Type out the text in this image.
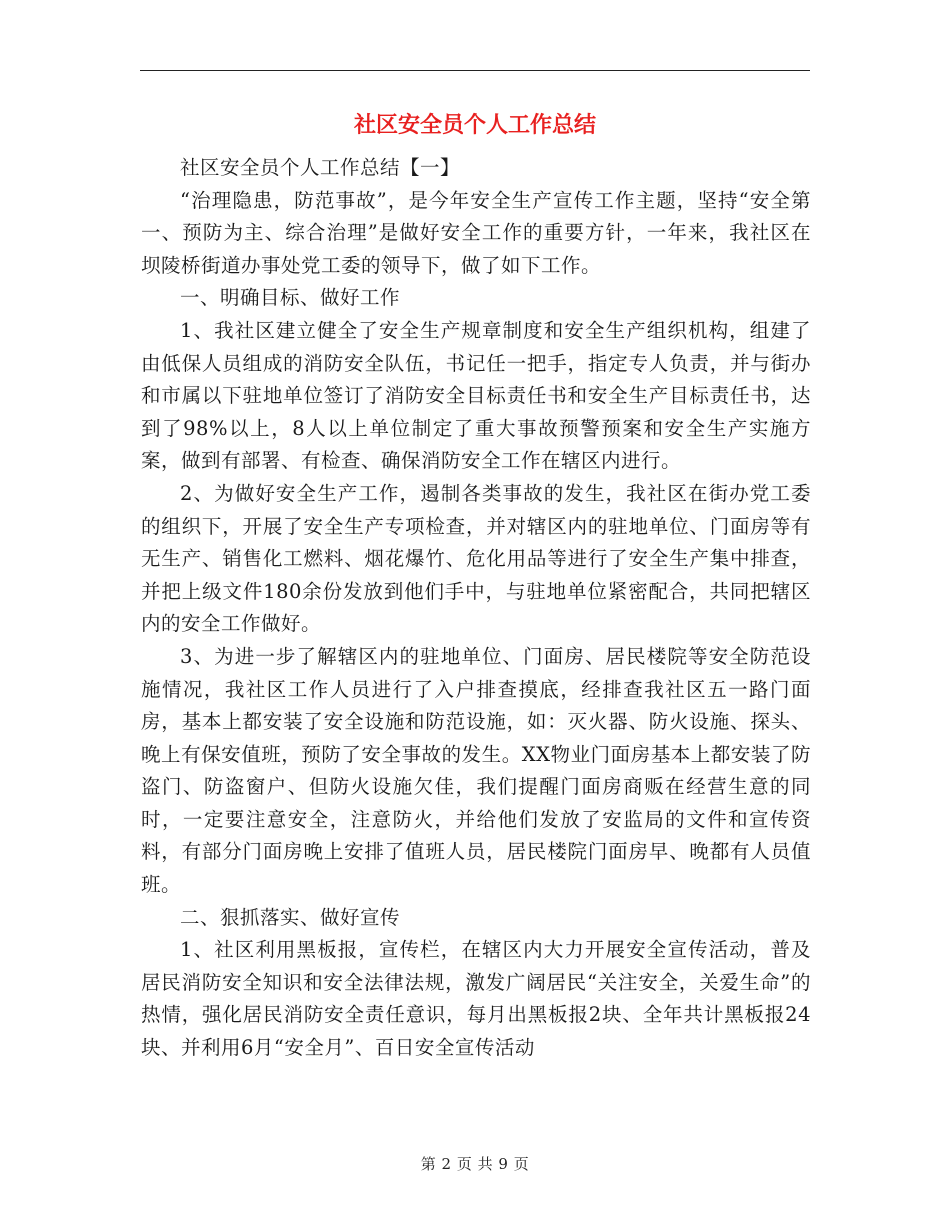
社区安全员个人工作总结

社区安全员个人工作总结【一】

“治理隐患，防范事故”，是今年安全生产宣传工作主题，坚持“安全第一、预防为主、综合治理”是做好安全工作的重要方针，一年来，我社区在坝陵桥街道办事处党工委的领导下，做了如下工作。

一、明确目标、做好工作

1、我社区建立健全了安全生产规章制度和安全生产组织机构，组建了由低保人员组成的消防安全队伍，书记任一把手，指定专人负责，并与街办和市属以下驻地单位签订了消防安全目标责任书和安全生产目标责任书，达到了98%以上，8人以上单位制定了重大事故预警预案和安全生产实施方案，做到有部署、有检查、确保消防安全工作在辖区内进行。

2、为做好安全生产工作，遏制各类事故的发生，我社区在街办党工委的组织下，开展了安全生产专项检查，并对辖区内的驻地单位、门面房等有无生产、销售化工燃料、烟花爆竹、危化用品等进行了安全生产集中排查，并把上级文件180余份发放到他们手中，与驻地单位紧密配合，共同把辖区内的安全工作做好。

3、为进一步了解辖区内的驻地单位、门面房、居民楼院等安全防范设施情况，我社区工作人员进行了入户排查摸底，经排查我社区五一路门面房，基本上都安装了安全设施和防范设施，如：灭火器、防火设施、探头、晚上有保安值班，预防了安全事故的发生。XX物业门面房基本上都安装了防盗门、防盗窗户、但防火设施欠佳，我们提醒门面房商贩在经营生意的同时，一定要注意安全，注意防火，并给他们发放了安监局的文件和宣传资料，有部分门面房晚上安排了值班人员，居民楼院门面房早、晚都有人员值班。

二、狠抓落实、做好宣传

1、社区利用黑板报，宣传栏，在辖区内大力开展安全宣传活动，普及居民消防安全知识和安全法律法规，激发广阔居民“关注安全，关爱生命”的热情，强化居民消防安全责任意识，每月出黑板报2块、全年共计黑板报24块、并利用6月“安全月”、百日安全宣传活动

第 2 页 共 9 页
